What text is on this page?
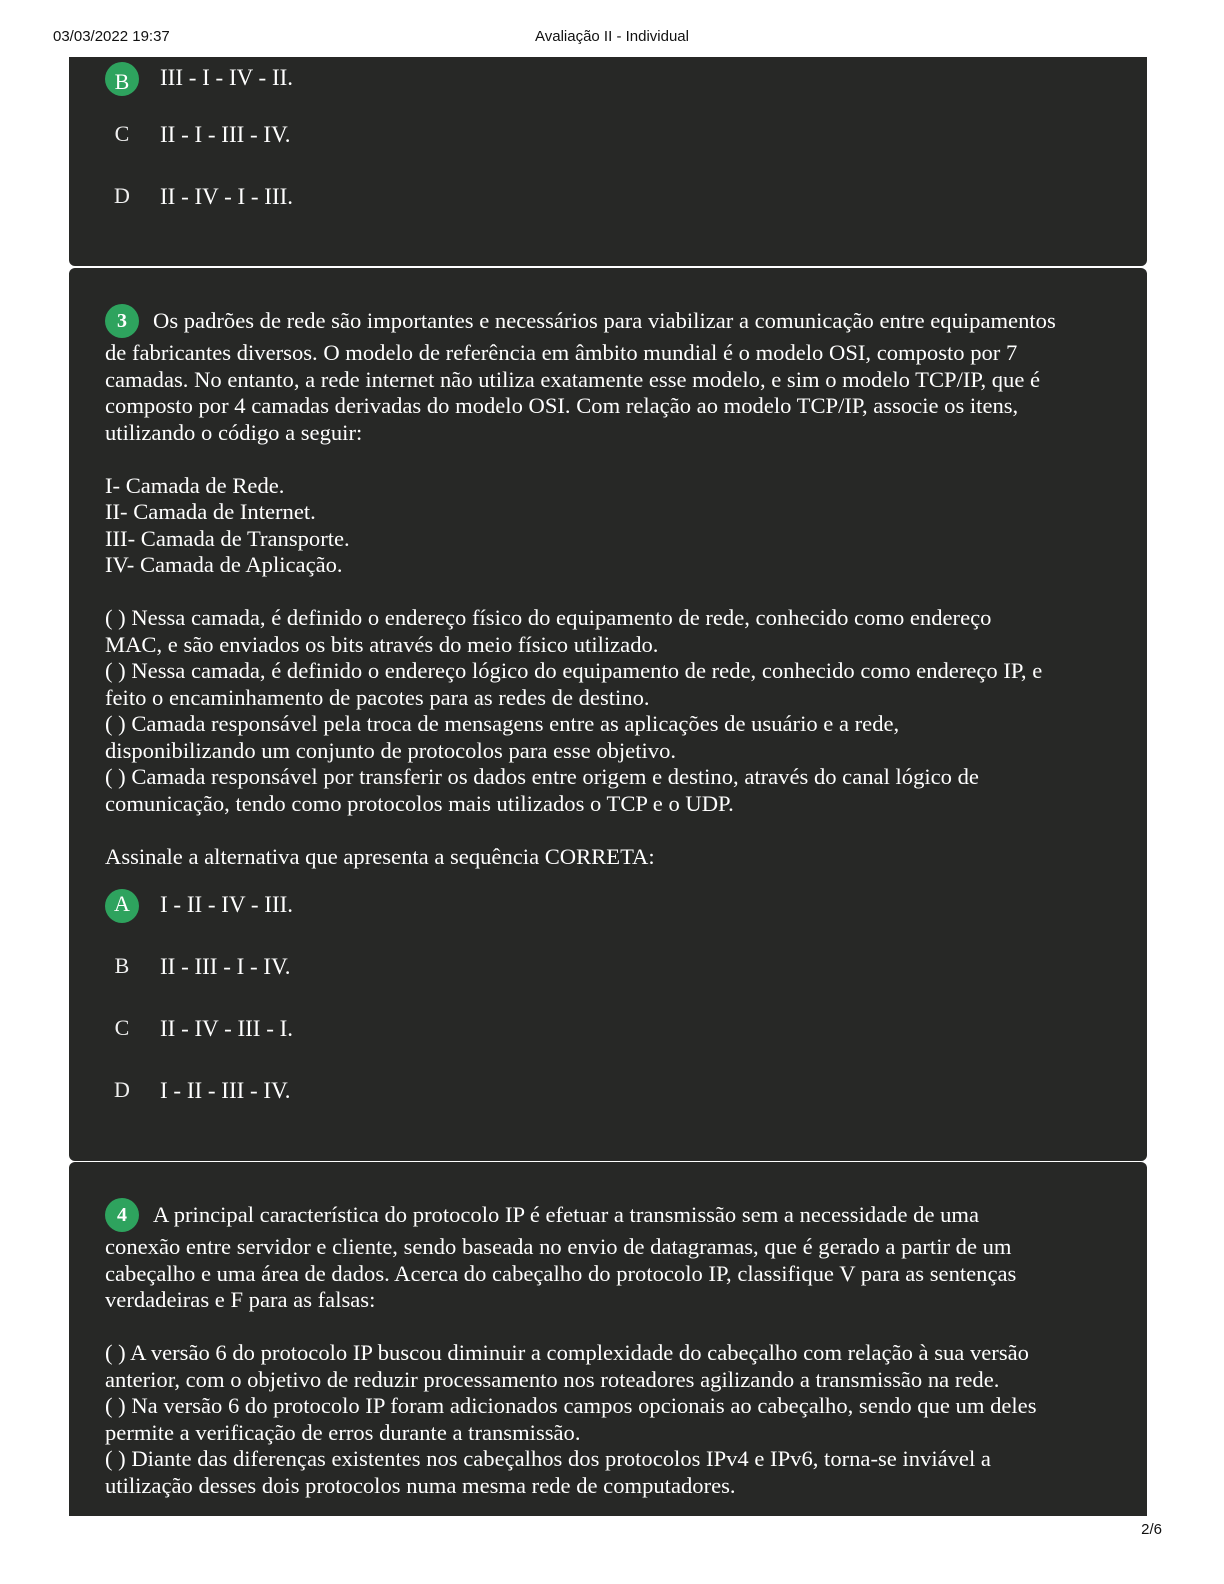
03/03/2022 19:37	Avaliação II - Individual
B	III - I - IV - II.
C	II - I - III - IV.
D	II - IV - I - III.
3 Os padrões de rede são importantes e necessários para viabilizar a comunicação entre equipamentos
de fabricantes diversos. O modelo de referência em âmbito mundial é o modelo OSI, composto por 7
camadas. No entanto, a rede internet não utiliza exatamente esse modelo, e sim o modelo TCP/IP, que é
composto por 4 camadas derivadas do modelo OSI. Com relação ao modelo TCP/IP, associe os itens,
utilizando o código a seguir:
I- Camada de Rede.
II- Camada de Internet.
III- Camada de Transporte.
IV- Camada de Aplicação.
( ) Nessa camada, é definido o endereço físico do equipamento de rede, conhecido como endereço
MAC, e são enviados os bits através do meio físico utilizado.
( ) Nessa camada, é definido o endereço lógico do equipamento de rede, conhecido como endereço IP, e
feito o encaminhamento de pacotes para as redes de destino.
( ) Camada responsável pela troca de mensagens entre as aplicações de usuário e a rede,
disponibilizando um conjunto de protocolos para esse objetivo.
( ) Camada responsável por transferir os dados entre origem e destino, através do canal lógico de
comunicação, tendo como protocolos mais utilizados o TCP e o UDP.
Assinale a alternativa que apresenta a sequência CORRETA:
A	I - II - IV - III.
B	II - III - I - IV.
C	II - IV - III - I.
D	I - II - III - IV.
4 A principal característica do protocolo IP é efetuar a transmissão sem a necessidade de uma
conexão entre servidor e cliente, sendo baseada no envio de datagramas, que é gerado a partir de um
cabeçalho e uma área de dados. Acerca do cabeçalho do protocolo IP, classifique V para as sentenças
verdadeiras e F para as falsas:
( ) A versão 6 do protocolo IP buscou diminuir a complexidade do cabeçalho com relação à sua versão
anterior, com o objetivo de reduzir processamento nos roteadores agilizando a transmissão na rede.
( ) Na versão 6 do protocolo IP foram adicionados campos opcionais ao cabeçalho, sendo que um deles
permite a verificação de erros durante a transmissão.
( ) Diante das diferenças existentes nos cabeçalhos dos protocolos IPv4 e IPv6, torna-se inviável a
utilização desses dois protocolos numa mesma rede de computadores.
2/6
